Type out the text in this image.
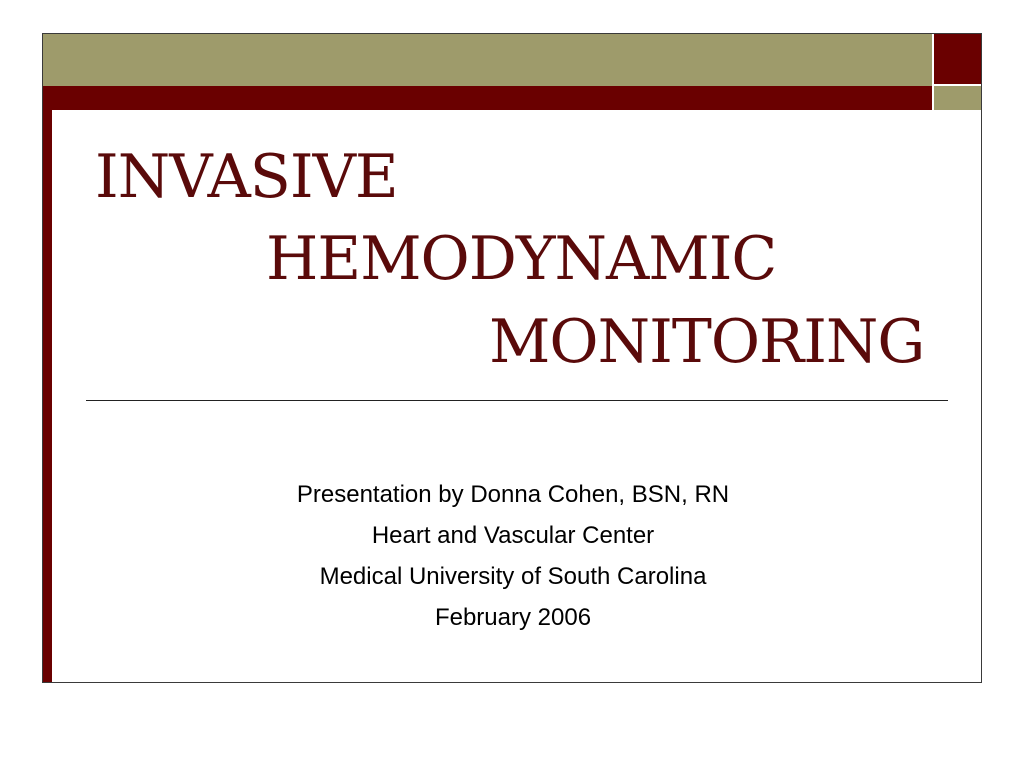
INVASIVE
HEMODYNAMIC
MONITORING
Presentation by Donna Cohen, BSN, RN
Heart and Vascular Center
Medical University of South Carolina
February 2006
